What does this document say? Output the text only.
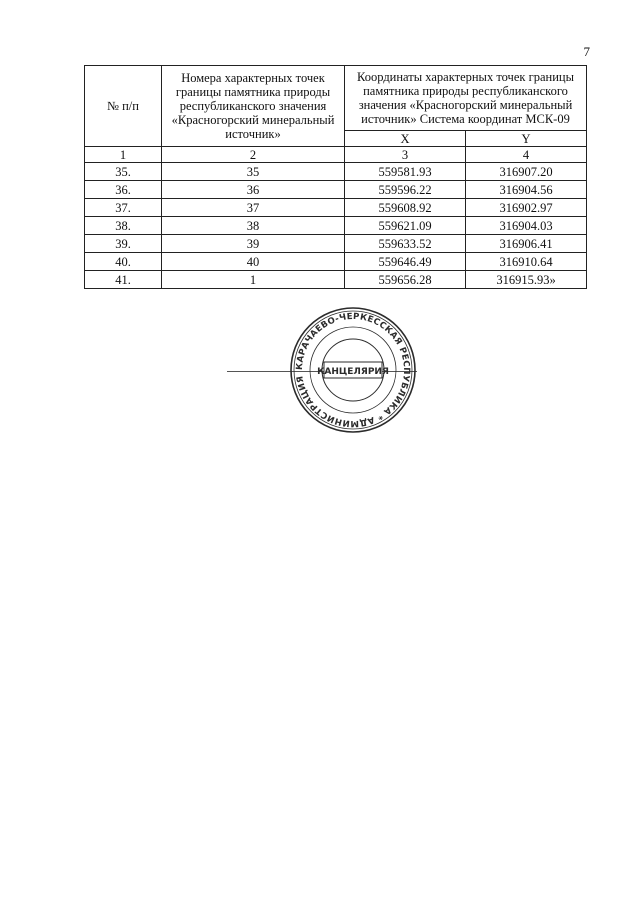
7
№ п/п	Номера характерных точек границы памятника природы республиканского значения «Красногорский минеральный источник»	Координаты характерных точек границы памятника природы республиканского значения «Красногорский минеральный источник» Система координат МСК-09	
		X	Y
1	2	3	4
35.	35	559581.93	316907.20
36.	36	559596.22	316904.56
37.	37	559608.92	316902.97
38.	38	559621.09	316904.03
39.	39	559633.52	316906.41
40.	40	559646.49	316910.64
41.	1	559656.28	316915.93»
КАРАЧАЕВО-ЧЕРКЕССКАЯ РЕСПУБЛИКА * АДМИНИСТРАЦИЯ
КАНЦЕЛЯРИЯ
